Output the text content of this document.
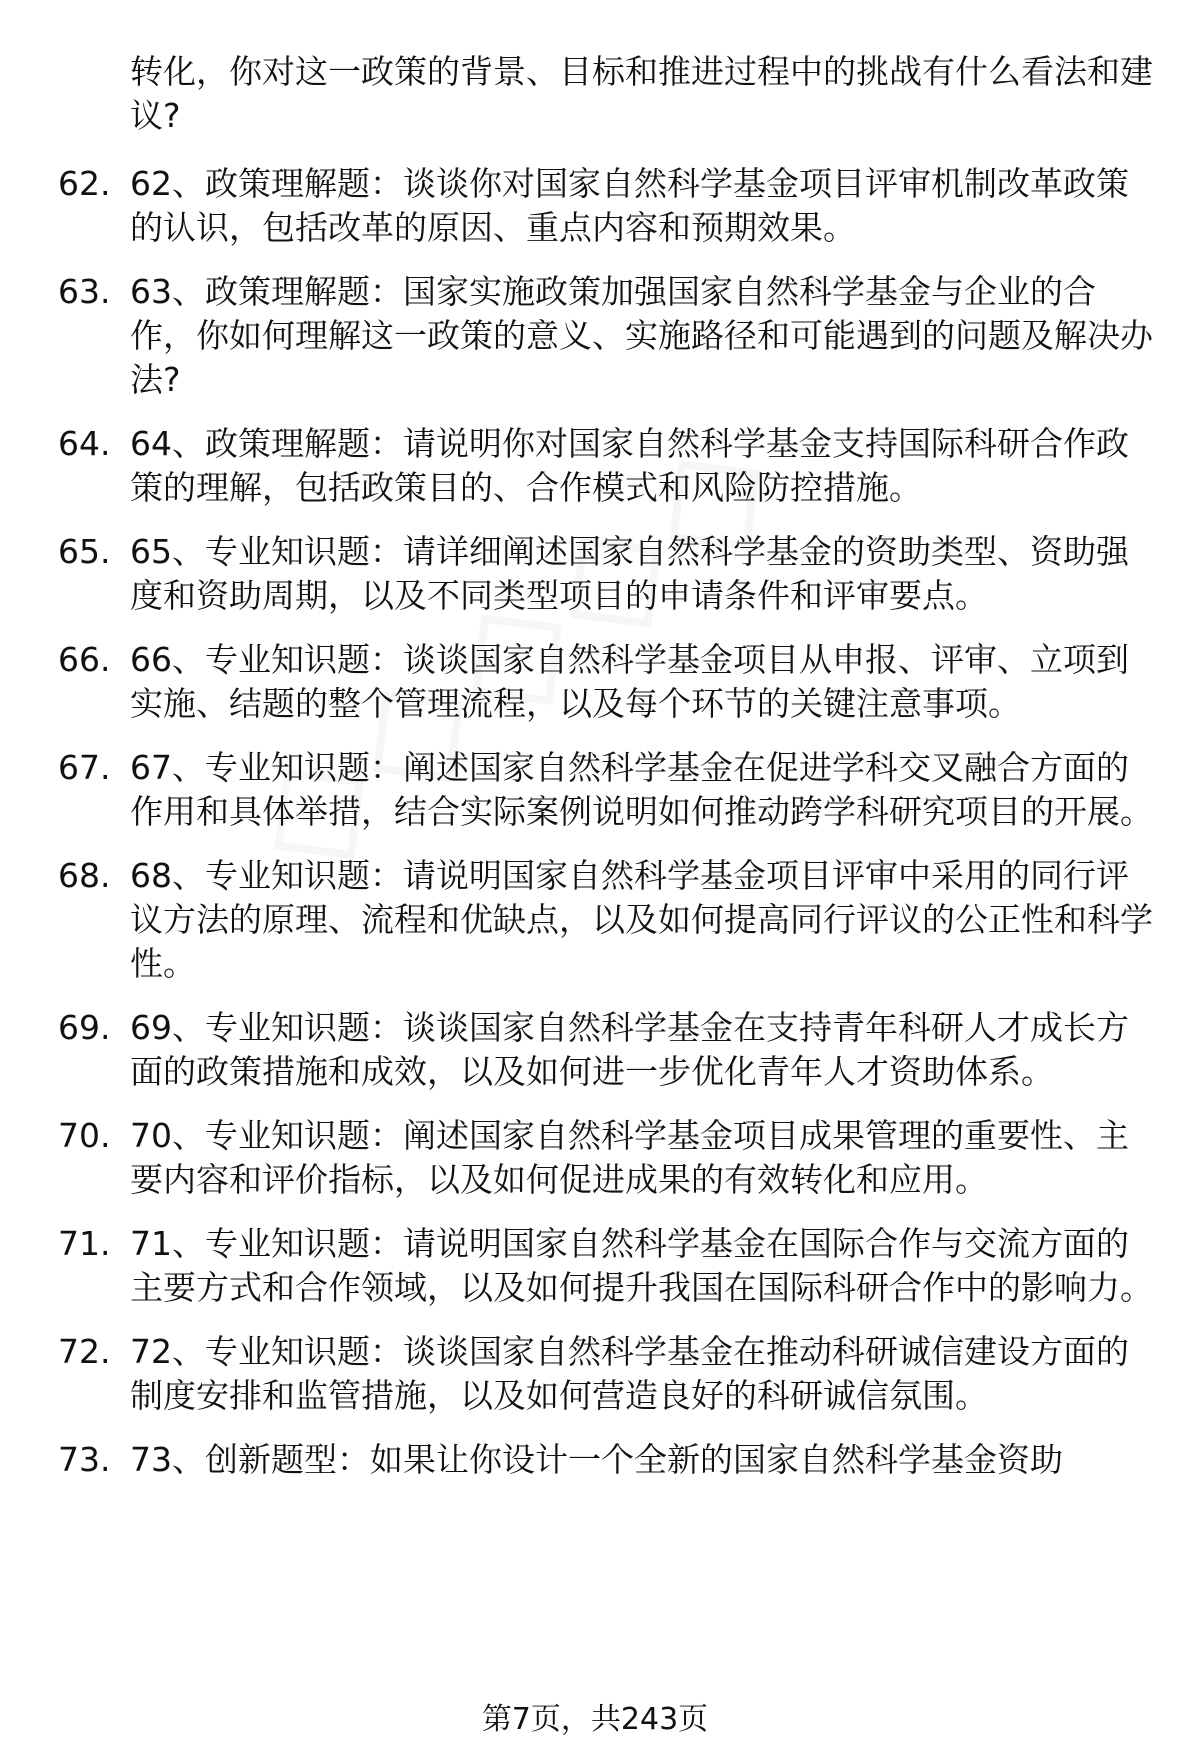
转化，你对这一政策的背景、目标和推进过程中的挑战有什么看法和建议?

62. 62、政策理解题：谈谈你对国家自然科学基金项目评审机制改革政策的认识，包括改革的原因、重点内容和预期效果。
63. 63、政策理解题：国家实施政策加强国家自然科学基金与企业的合作，你如何理解这一政策的意义、实施路径和可能遇到的问题及解决办法?
64. 64、政策理解题：请说明你对国家自然科学基金支持国际科研合作政策的理解，包括政策目的、合作模式和风险防控措施。
65. 65、专业知识题：请详细阐述国家自然科学基金的资助类型、资助强度和资助周期，以及不同类型项目的申请条件和评审要点。
66. 66、专业知识题：谈谈国家自然科学基金项目从申报、评审、立项到实施、结题的整个管理流程，以及每个环节的关键注意事项。
67. 67、专业知识题：阐述国家自然科学基金在促进学科交叉融合方面的作用和具体举措，结合实际案例说明如何推动跨学科研究项目的开展。
68. 68、专业知识题：请说明国家自然科学基金项目评审中采用的同行评议方法的原理、流程和优缺点，以及如何提高同行评议的公正性和科学性。
69. 69、专业知识题：谈谈国家自然科学基金在支持青年科研人才成长方面的政策措施和成效，以及如何进一步优化青年人才资助体系。
70. 70、专业知识题：阐述国家自然科学基金项目成果管理的重要性、主要内容和评价指标，以及如何促进成果的有效转化和应用。
71. 71、专业知识题：请说明国家自然科学基金在国际合作与交流方面的主要方式和合作领域，以及如何提升我国在国际科研合作中的影响力。
72. 72、专业知识题：谈谈国家自然科学基金在推动科研诚信建设方面的制度安排和监管措施，以及如何营造良好的科研诚信氛围。
73. 73、创新题型：如果让你设计一个全新的国家自然科学基金资助
第7页，共243页
